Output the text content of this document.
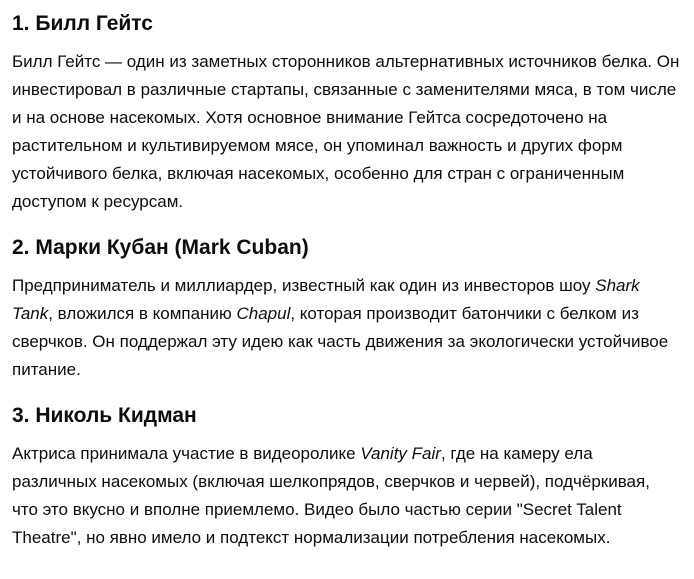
1. Билл Гейтс

Билл Гейтс — один из заметных сторонников альтернативных источников белка. Он инвестировал в различные стартапы, связанные с заменителями мяса, в том числе и на основе насекомых. Хотя основное внимание Гейтса сосредоточено на растительном и культивируемом мясе, он упоминал важность и других форм устойчивого белка, включая насекомых, особенно для стран с ограниченным доступом к ресурсам.

2. Марки Кубан (Mark Cuban)

Предприниматель и миллиардер, известный как один из инвесторов шоу Shark Tank, вложился в компанию Chapul, которая производит батончики с белком из сверчков. Он поддержал эту идею как часть движения за экологически устойчивое питание.

3. Николь Кидман

Актриса принимала участие в видеоролике Vanity Fair, где на камеру ела различных насекомых (включая шелкопрядов, сверчков и червей), подчёркивая, что это вкусно и вполне приемлемо. Видео было частью серии "Secret Talent Theatre", но явно имело и подтекст нормализации потребления насекомых.
